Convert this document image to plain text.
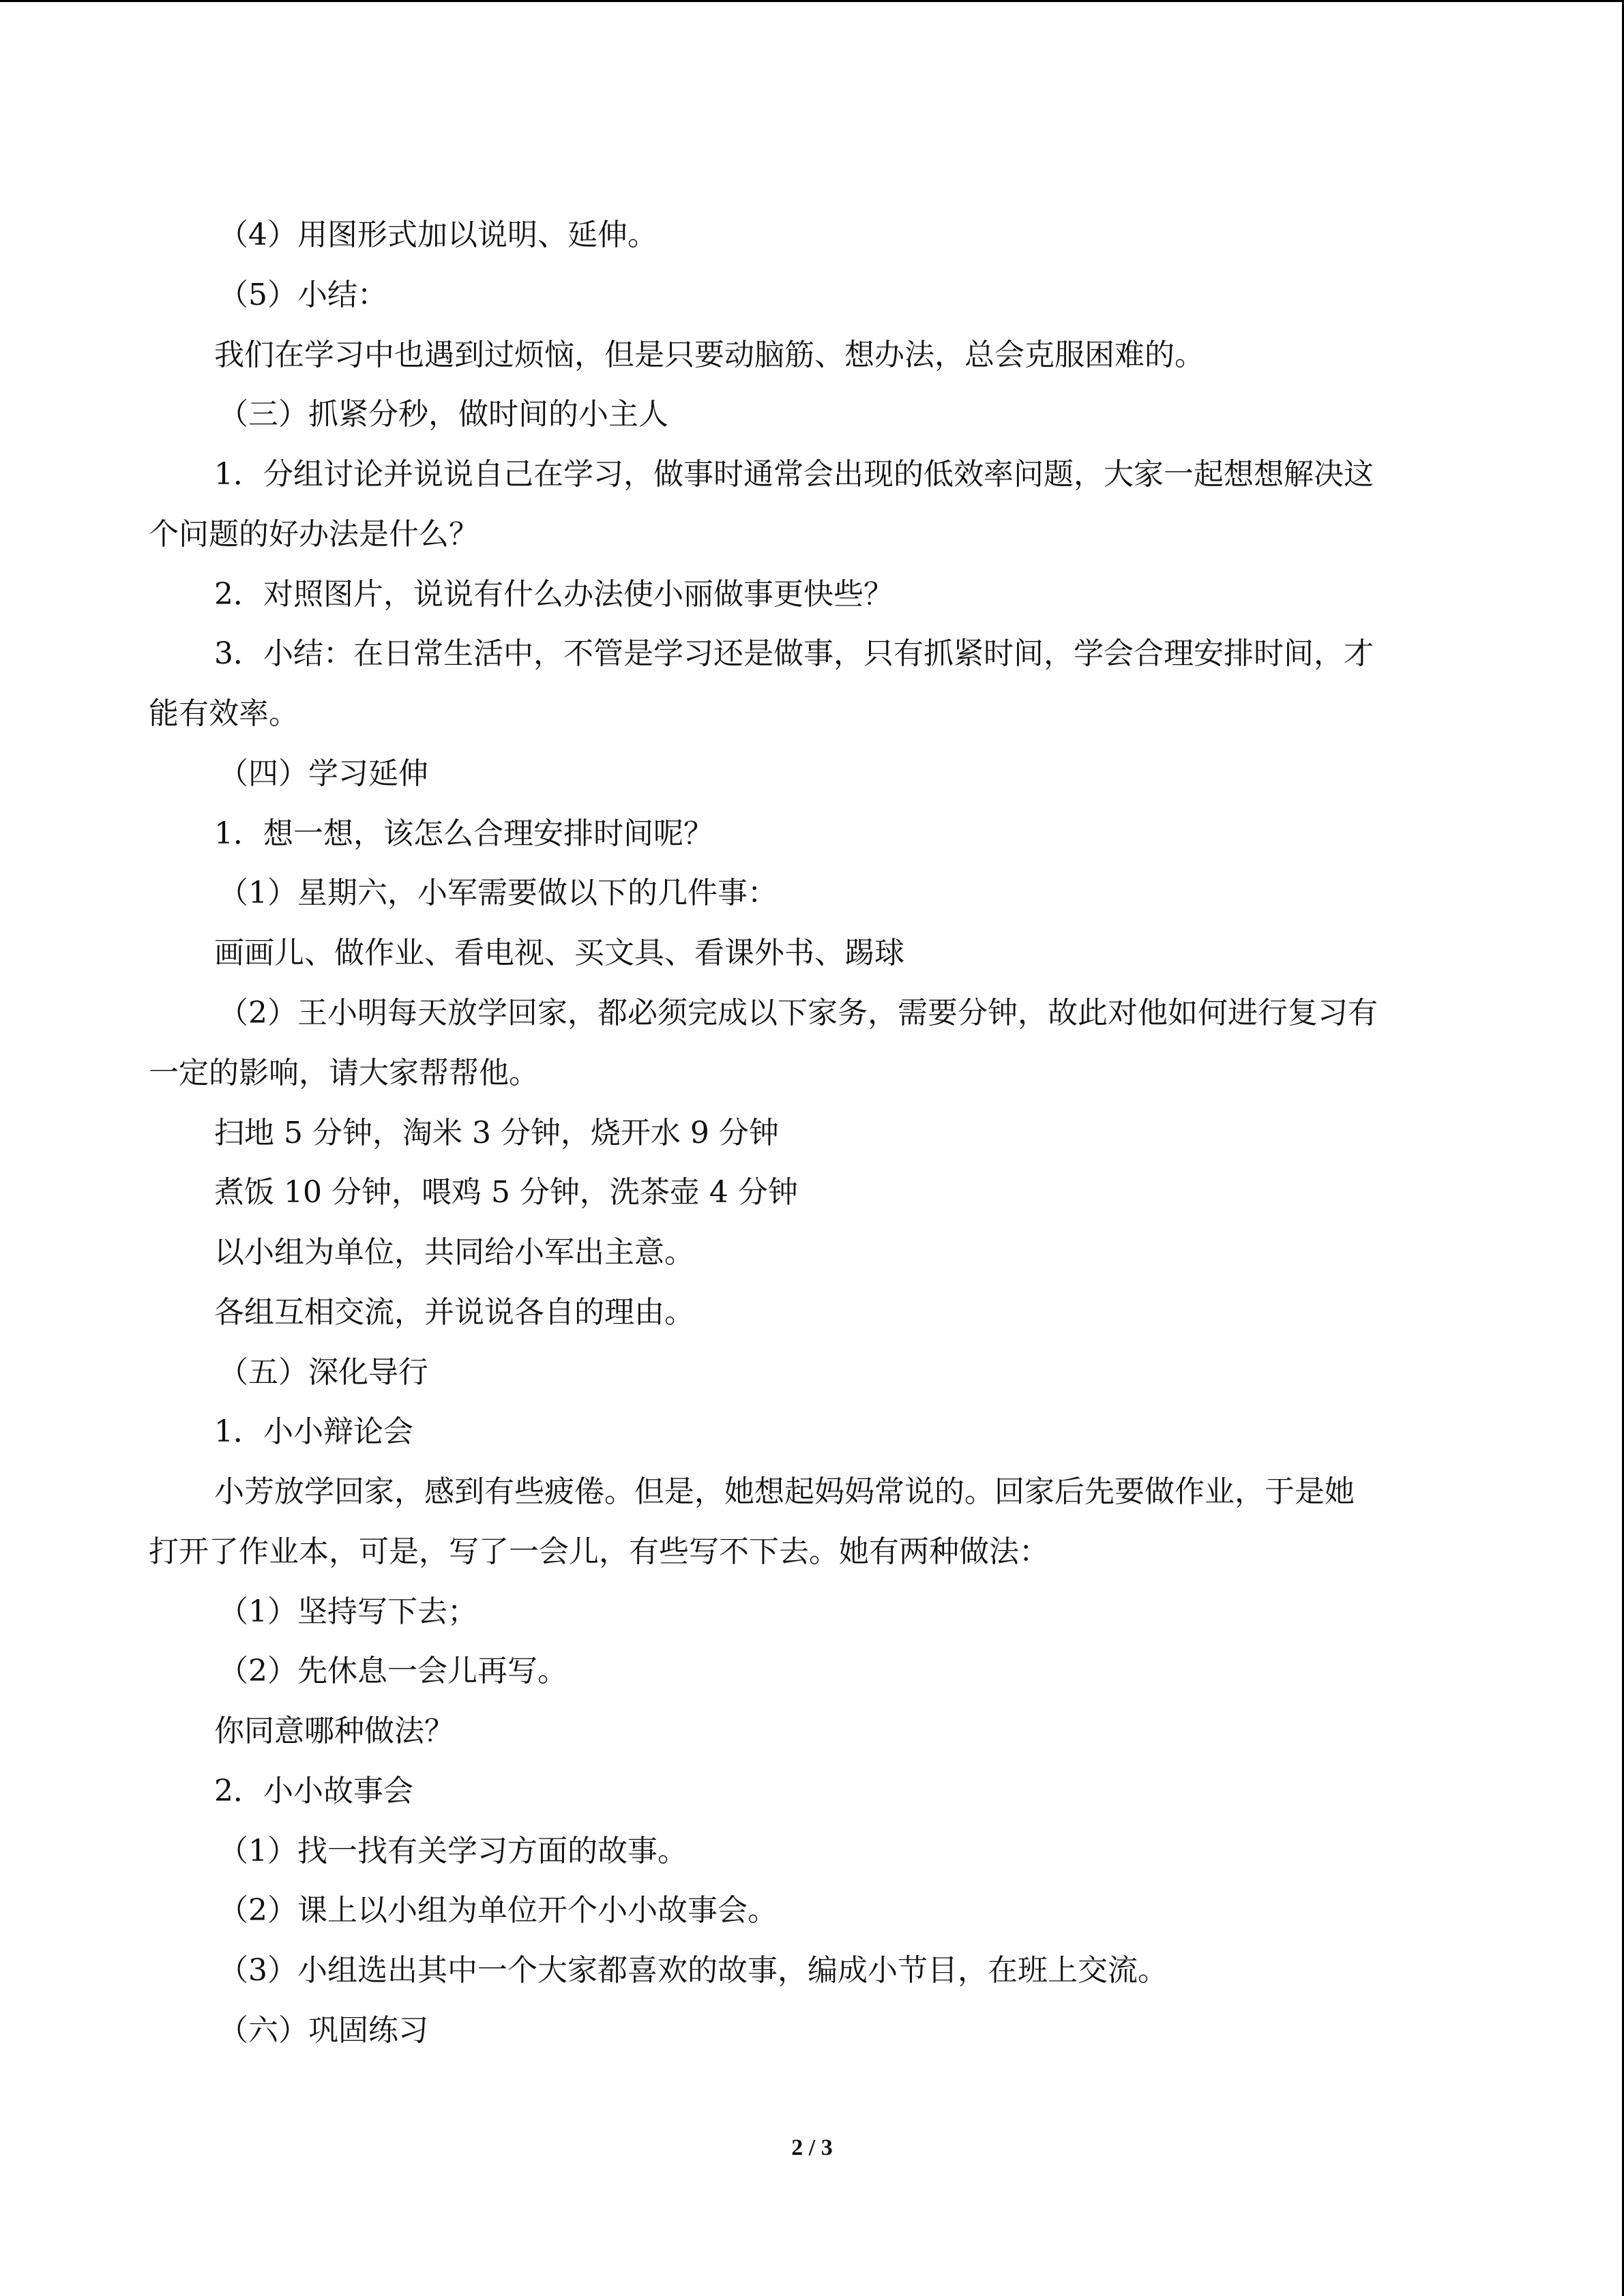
（4）用图形式加以说明、延伸。
（5）小结：
我们在学习中也遇到过烦恼，但是只要动脑筋、想办法，总会克服困难的。
（三）抓紧分秒，做时间的小主人
1．分组讨论并说说自己在学习，做事时通常会出现的低效率问题，大家一起想想解决这
个问题的好办法是什么？
2．对照图片，说说有什么办法使小丽做事更快些？
3．小结：在日常生活中，不管是学习还是做事，只有抓紧时间，学会合理安排时间，才
能有效率。
（四）学习延伸
1．想一想，该怎么合理安排时间呢？
（1）星期六，小军需要做以下的几件事：
画画儿、做作业、看电视、买文具、看课外书、踢球
（2）王小明每天放学回家，都必须完成以下家务，需要分钟，故此对他如何进行复习有
一定的影响，请大家帮帮他。
扫地 5 分钟，淘米 3 分钟，烧开水 9 分钟
煮饭 10 分钟，喂鸡 5 分钟，洗茶壶 4 分钟
以小组为单位，共同给小军出主意。
各组互相交流，并说说各自的理由。
（五）深化导行
1．小小辩论会
小芳放学回家，感到有些疲倦。但是，她想起妈妈常说的。回家后先要做作业，于是她
打开了作业本，可是，写了一会儿，有些写不下去。她有两种做法：
（1）坚持写下去；
（2）先休息一会儿再写。
你同意哪种做法？
2．小小故事会
（1）找一找有关学习方面的故事。
（2）课上以小组为单位开个小小故事会。
（3）小组选出其中一个大家都喜欢的故事，编成小节目，在班上交流。
（六）巩固练习
2 / 3
